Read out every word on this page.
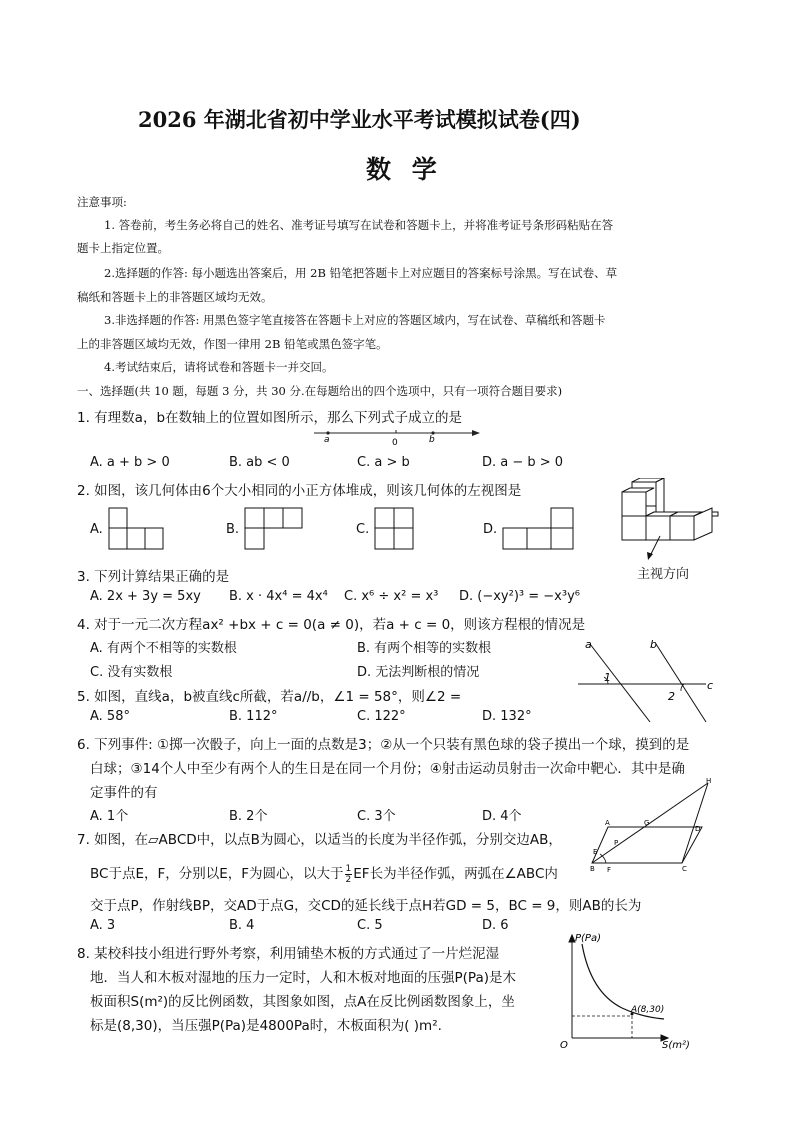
2026 年湖北省初中学业水平考试模拟试卷(四)
数 学
注意事项:
1. 答卷前，考生务必将自己的姓名、准考证号填写在试卷和答题卡上，并将准考证号条形码粘贴在答
题卡上指定位置。
2.选择题的作答: 每小题选出答案后，用 2B 铅笔把答题卡上对应题目的答案标号涂黑。写在试卷、草
稿纸和答题卡上的非答题区域均无效。
3.非选择题的作答: 用黑色签字笔直接答在答题卡上对应的答题区域内，写在试卷、草稿纸和答题卡
上的非答题区域均无效，作图一律用 2B 铅笔或黑色签字笔。
4.考试结束后，请将试卷和答题卡一并交回。
一、选择题(共 10 题，每题 3 分，共 30 分.在每题给出的四个选项中，只有一项符合题目要求)
1. 有理数a，b在数轴上的位置如图所示，那么下列式子成立的是
a	0	b
A. a + b > 0	B. ab < 0	C. a > b	D. a − b > 0
2. 如图，该几何体由6个大小相同的小正方体堆成，则该几何体的左视图是
A.	B.	C.	D.
主视方向
3. 下列计算结果正确的是
A. 2x + 3y = 5xy B. x · 4x⁴ = 4x⁴ C. x⁶ ÷ x² = x³ D. (−xy²)³ = −x³y⁶
4. 对于一元二次方程ax² +bx + c = 0(a ≠ 0)，若a + c = 0，则该方程根的情况是
A. 有两个不相等的实数根	B. 有两个相等的实数根
C. 没有实数根	D. 无法判断根的情况
a	b
c
1
2
5. 如图，直线a，b被直线c所截，若a//b，∠1 = 58°，则∠2 =
A. 58°	B. 112°	C. 122°	D. 132°
6. 下列事件: ①掷一次骰子，向上一面的点数是3；②从一个只装有黑色球的袋子摸出一个球，摸到的是
白球；③14个人中至少有两个人的生日是在同一个月份；④射击运动员射击一次命中靶心．其中是确
定事件的有
A. 1个	B. 2个	C. 3个	D. 4个
H
A	G
D
P
E
B F	C
7. 如图，在▱ABCD中，以点B为圆心，以适当的长度为半径作弧，分别交边AB，
BC于点E，F，分别以E，F为圆心，以大于 $\frac{1}{2}$ EF长为半径作弧，两弧在∠ABC内
交于点P，作射线BP，交AD于点G，交CD的延长线于点H若GD = 5，BC = 9，则AB的长为
A. 3	B. 4	C. 5	D. 6
8. 某校科技小组进行野外考察，利用铺垫木板的方式通过了一片烂泥湿
地．当人和木板对湿地的压力一定时，人和木板对地面的压强P(Pa)是木
板面积S(m²)的反比例函数，其图象如图，点A在反比例函数图象上，坐
标是(8,30)，当压强P(Pa)是4800Pa时，木板面积为( )m².
P(Pa)
S(m²)
O
A(8,30)
